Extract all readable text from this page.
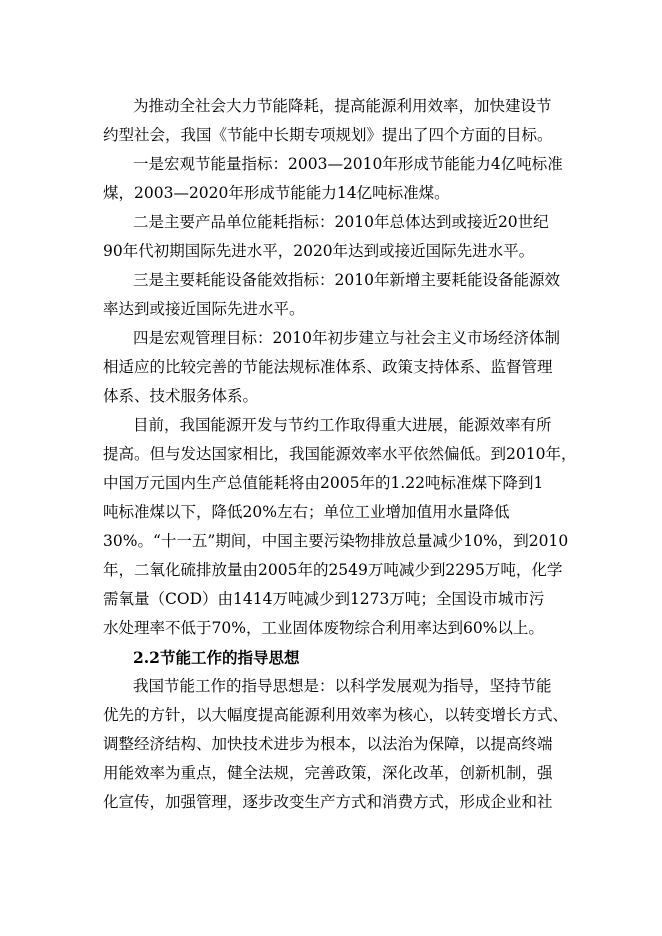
为推动全社会大力节能降耗，提高能源利用效率，加快建设节
约型社会，我国《节能中长期专项规划》提出了四个方面的目标。

一是宏观节能量指标：2003—2010年形成节能能力4亿吨标准
煤，2003—2020年形成节能能力14亿吨标准煤。

二是主要产品单位能耗指标：2010年总体达到或接近20世纪
90年代初期国际先进水平，2020年达到或接近国际先进水平。

三是主要耗能设备能效指标：2010年新增主要耗能设备能源效
率达到或接近国际先进水平。

四是宏观管理目标：2010年初步建立与社会主义市场经济体制
相适应的比较完善的节能法规标准体系、政策支持体系、监督管理
体系、技术服务体系。

目前，我国能源开发与节约工作取得重大进展，能源效率有所
提高。但与发达国家相比，我国能源效率水平依然偏低。到2010年，
中国万元国内生产总值能耗将由2005年的1.22吨标准煤下降到1
吨标准煤以下，降低20%左右；单位工业增加值用水量降低
30%。“十一五”期间，中国主要污染物排放总量减少10%，到2010
年，二氧化硫排放量由2005年的2549万吨减少到2295万吨，化学
需氧量（COD）由1414万吨减少到1273万吨；全国设市城市污
水处理率不低于70%，工业固体废物综合利用率达到60%以上。

2.2节能工作的指导思想

我国节能工作的指导思想是：以科学发展观为指导，坚持节能
优先的方针，以大幅度提高能源利用效率为核心，以转变增长方式、
调整经济结构、加快技术进步为根本，以法治为保障，以提高终端
用能效率为重点，健全法规，完善政策，深化改革，创新机制，强
化宣传，加强管理，逐步改变生产方式和消费方式，形成企业和社
